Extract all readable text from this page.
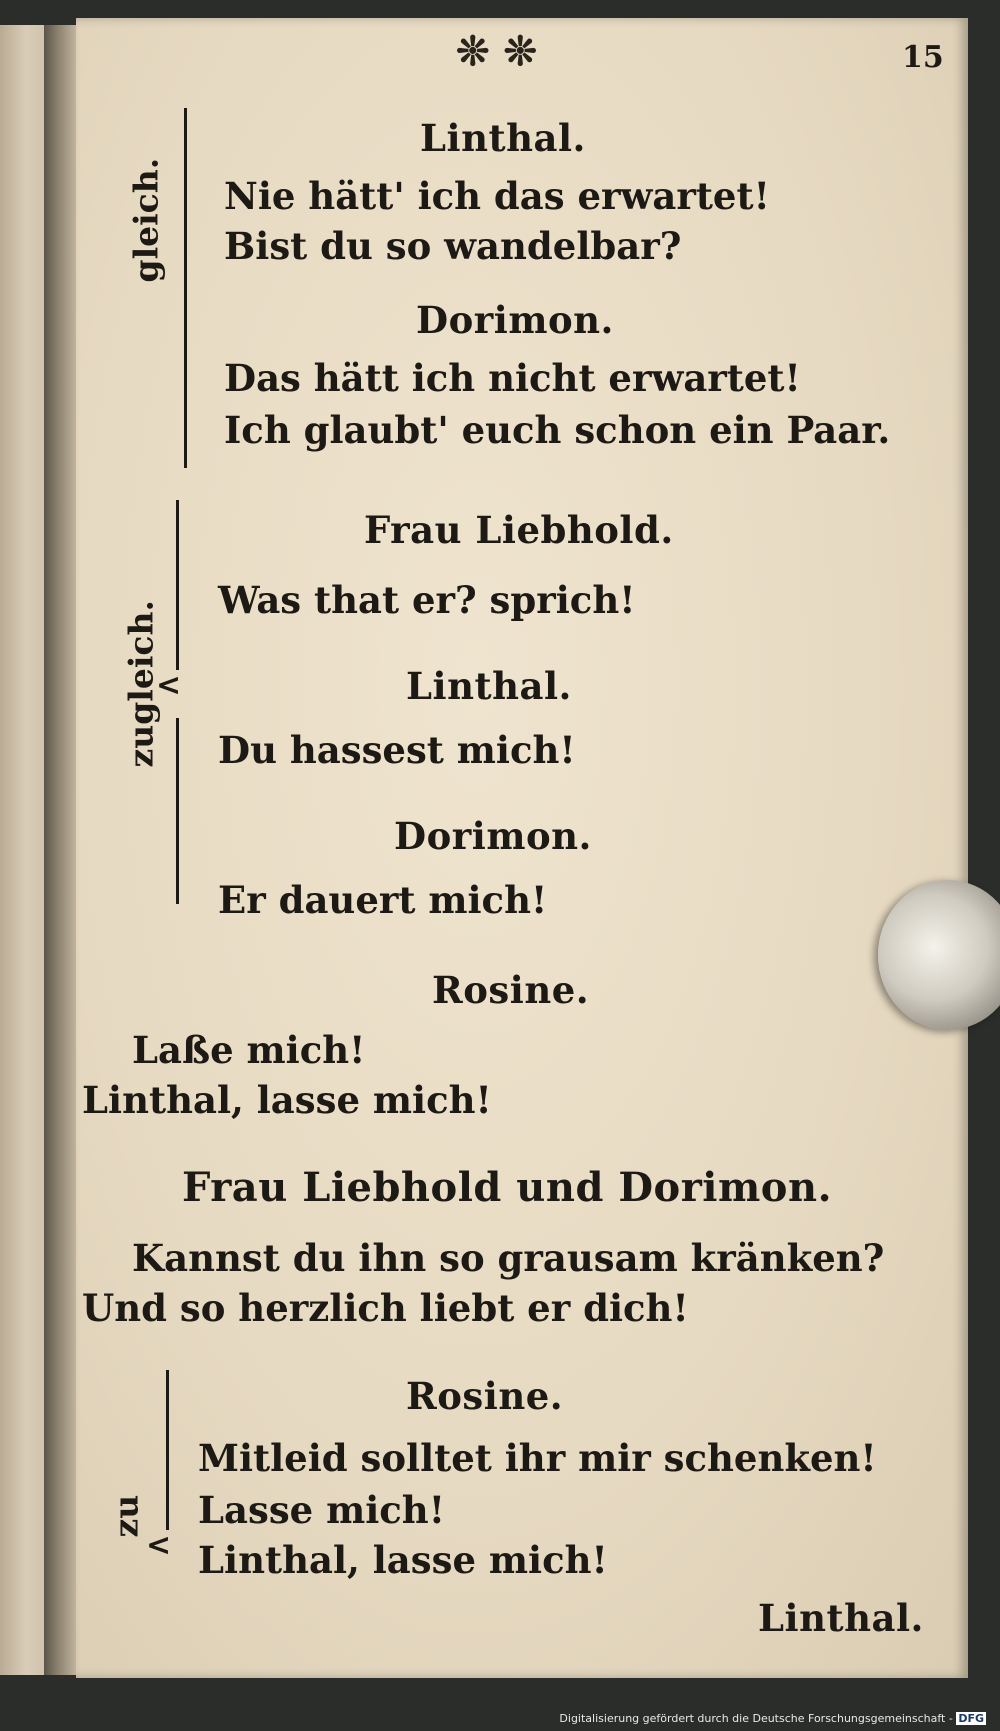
❊ ❊	15
gleich.
Linthal.
Nie hätt' ich das erwartet!
Bist du so wandelbar?
Dorimon.
Das hätt ich nicht erwartet!
Ich glaubt' euch schon ein Paar.
zugleich.
<
Frau Liebhold.
Was that er? sprich!
Linthal.
Du hassest mich!
Dorimon.
Er dauert mich!
Rosine.
Laße mich!
Linthal, lasse mich!
Frau Liebhold und Dorimon.
Kannst du ihn so grausam kränken?
Und so herzlich liebt er dich!
zu
<
Rosine.
Mitleid solltet ihr mir schenken!
Lasse mich!
Linthal, lasse mich!
Linthal.
Digitalisierung gefördert durch die Deutsche Forschungsgemeinschaft - DFG
